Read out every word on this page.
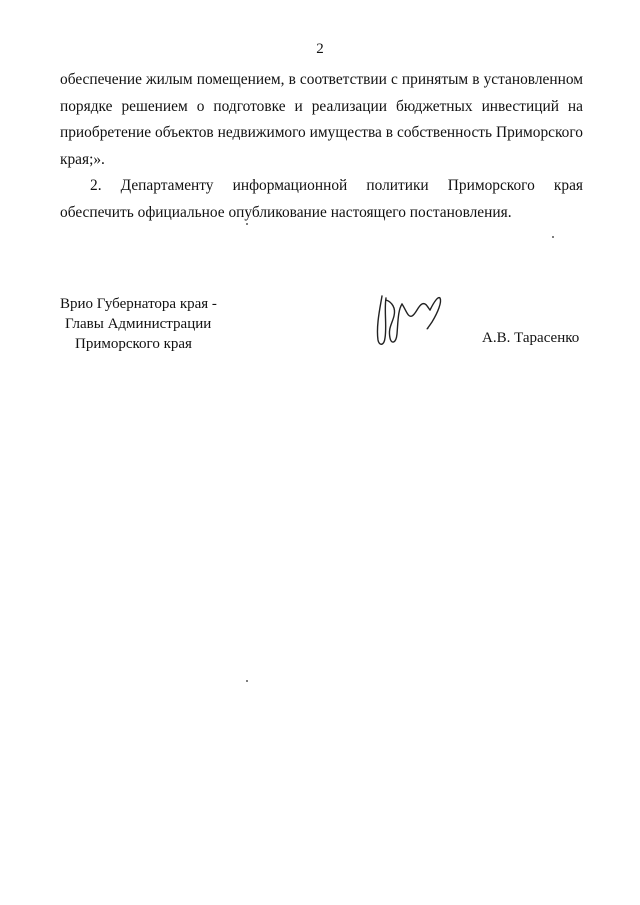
2

обеспечение жилым помещением, в соответствии с принятым в установленном порядке решением о подготовке и реализации бюджетных инвестиций на приобретение объектов недвижимого имущества в собственность Приморского края;».

2. Департаменту информационной политики Приморского края обеспечить официальное опубликование настоящего постановления.

Врио Губернатора края -
Главы Администрации
Приморского края	А.В. Тарасенко
